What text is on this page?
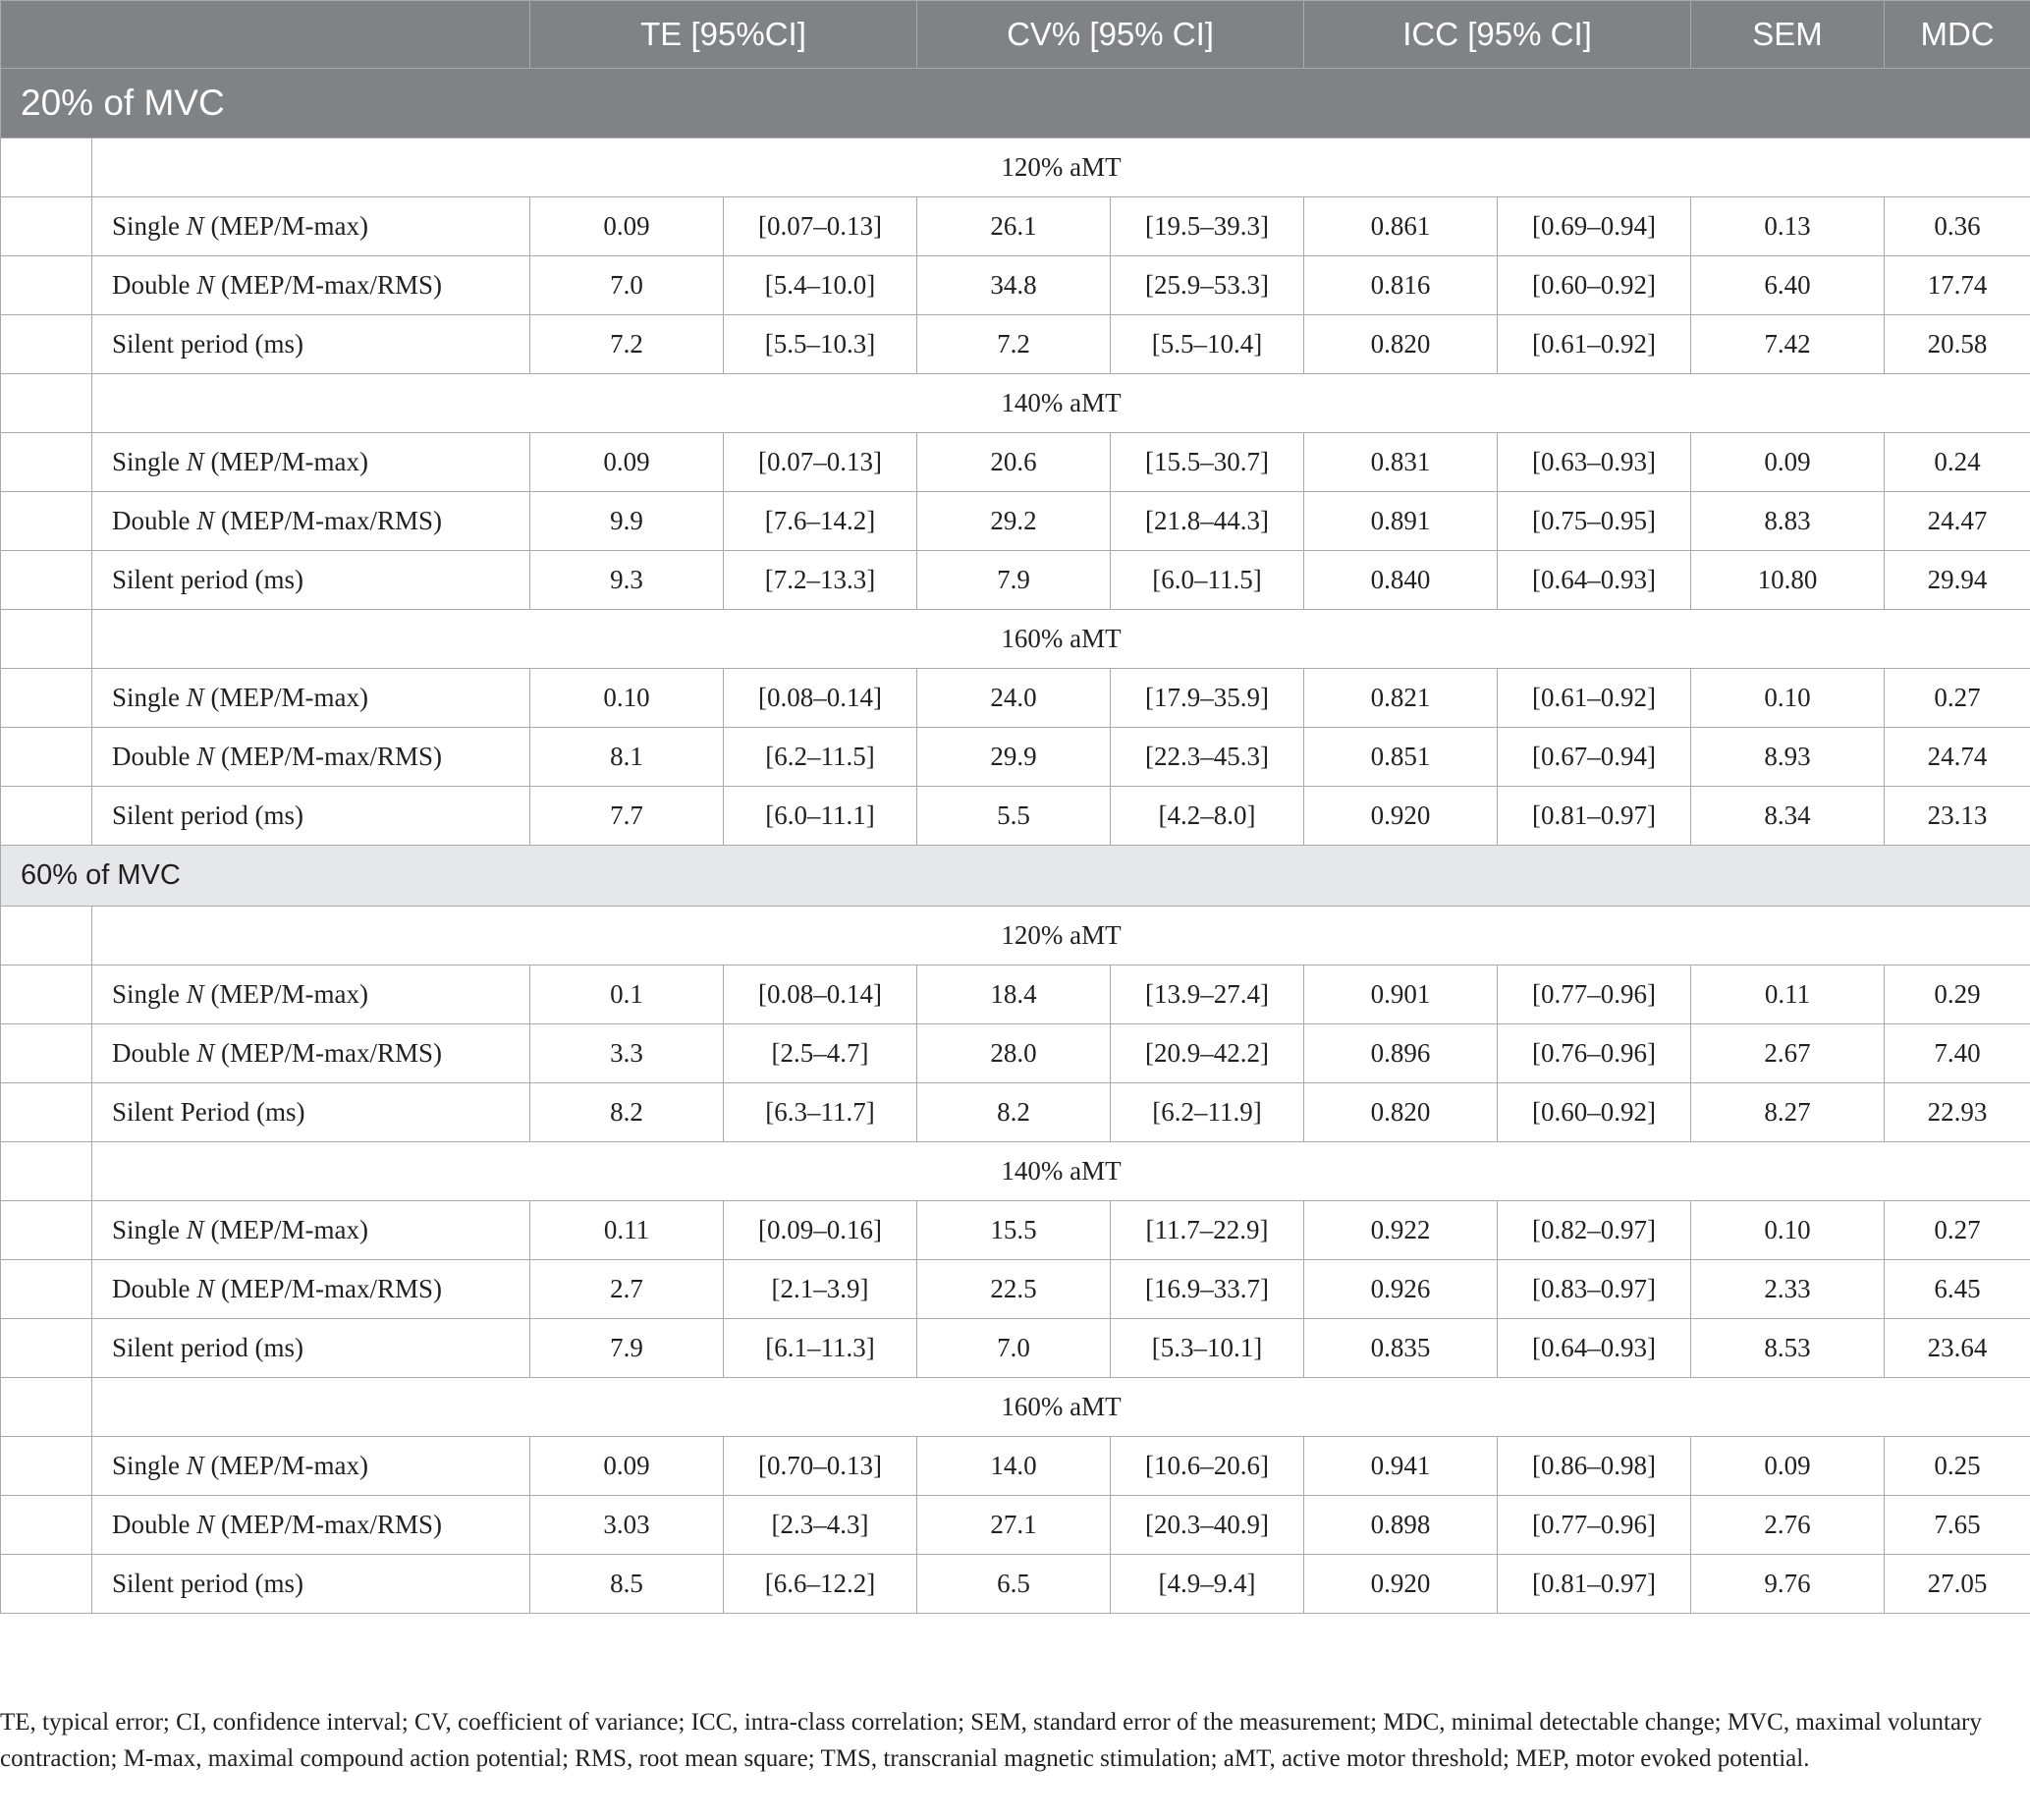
		TE [95%CI]		CV% [95% CI]		ICC [95% CI]		SEM	MDC
20% of MVC									
	120% aMT								
	Single N (MEP/M-max)	0.09	[0.07–0.13]	26.1	[19.5–39.3]	0.861	[0.69–0.94]	0.13	0.36
	Double N (MEP/M-max/RMS)	7.0	[5.4–10.0]	34.8	[25.9–53.3]	0.816	[0.60–0.92]	6.40	17.74
	Silent period (ms)	7.2	[5.5–10.3]	7.2	[5.5–10.4]	0.820	[0.61–0.92]	7.42	20.58
	140% aMT								
	Single N (MEP/M-max)	0.09	[0.07–0.13]	20.6	[15.5–30.7]	0.831	[0.63–0.93]	0.09	0.24
	Double N (MEP/M-max/RMS)	9.9	[7.6–14.2]	29.2	[21.8–44.3]	0.891	[0.75–0.95]	8.83	24.47
	Silent period (ms)	9.3	[7.2–13.3]	7.9	[6.0–11.5]	0.840	[0.64–0.93]	10.80	29.94
	160% aMT								
	Single N (MEP/M-max)	0.10	[0.08–0.14]	24.0	[17.9–35.9]	0.821	[0.61–0.92]	0.10	0.27
	Double N (MEP/M-max/RMS)	8.1	[6.2–11.5]	29.9	[22.3–45.3]	0.851	[0.67–0.94]	8.93	24.74
	Silent period (ms)	7.7	[6.0–11.1]	5.5	[4.2–8.0]	0.920	[0.81–0.97]	8.34	23.13
60% of MVC									
	120% aMT								
	Single N (MEP/M-max)	0.1	[0.08–0.14]	18.4	[13.9–27.4]	0.901	[0.77–0.96]	0.11	0.29
	Double N (MEP/M-max/RMS)	3.3	[2.5–4.7]	28.0	[20.9–42.2]	0.896	[0.76–0.96]	2.67	7.40
	Silent Period (ms)	8.2	[6.3–11.7]	8.2	[6.2–11.9]	0.820	[0.60–0.92]	8.27	22.93
	140% aMT								
	Single N (MEP/M-max)	0.11	[0.09–0.16]	15.5	[11.7–22.9]	0.922	[0.82–0.97]	0.10	0.27
	Double N (MEP/M-max/RMS)	2.7	[2.1–3.9]	22.5	[16.9–33.7]	0.926	[0.83–0.97]	2.33	6.45
	Silent period (ms)	7.9	[6.1–11.3]	7.0	[5.3–10.1]	0.835	[0.64–0.93]	8.53	23.64
	160% aMT								
	Single N (MEP/M-max)	0.09	[0.70–0.13]	14.0	[10.6–20.6]	0.941	[0.86–0.98]	0.09	0.25
	Double N (MEP/M-max/RMS)	3.03	[2.3–4.3]	27.1	[20.3–40.9]	0.898	[0.77–0.96]	2.76	7.65
	Silent period (ms)	8.5	[6.6–12.2]	6.5	[4.9–9.4]	0.920	[0.81–0.97]	9.76	27.05
TE, typical error; CI, confidence interval; CV, coefficient of variance; ICC, intra-class correlation; SEM, standard error of the measurement; MDC, minimal detectable change; MVC, maximal voluntary contraction; M-max, maximal compound action potential; RMS, root mean square; TMS, transcranial magnetic stimulation; aMT, active motor threshold; MEP, motor evoked potential.
